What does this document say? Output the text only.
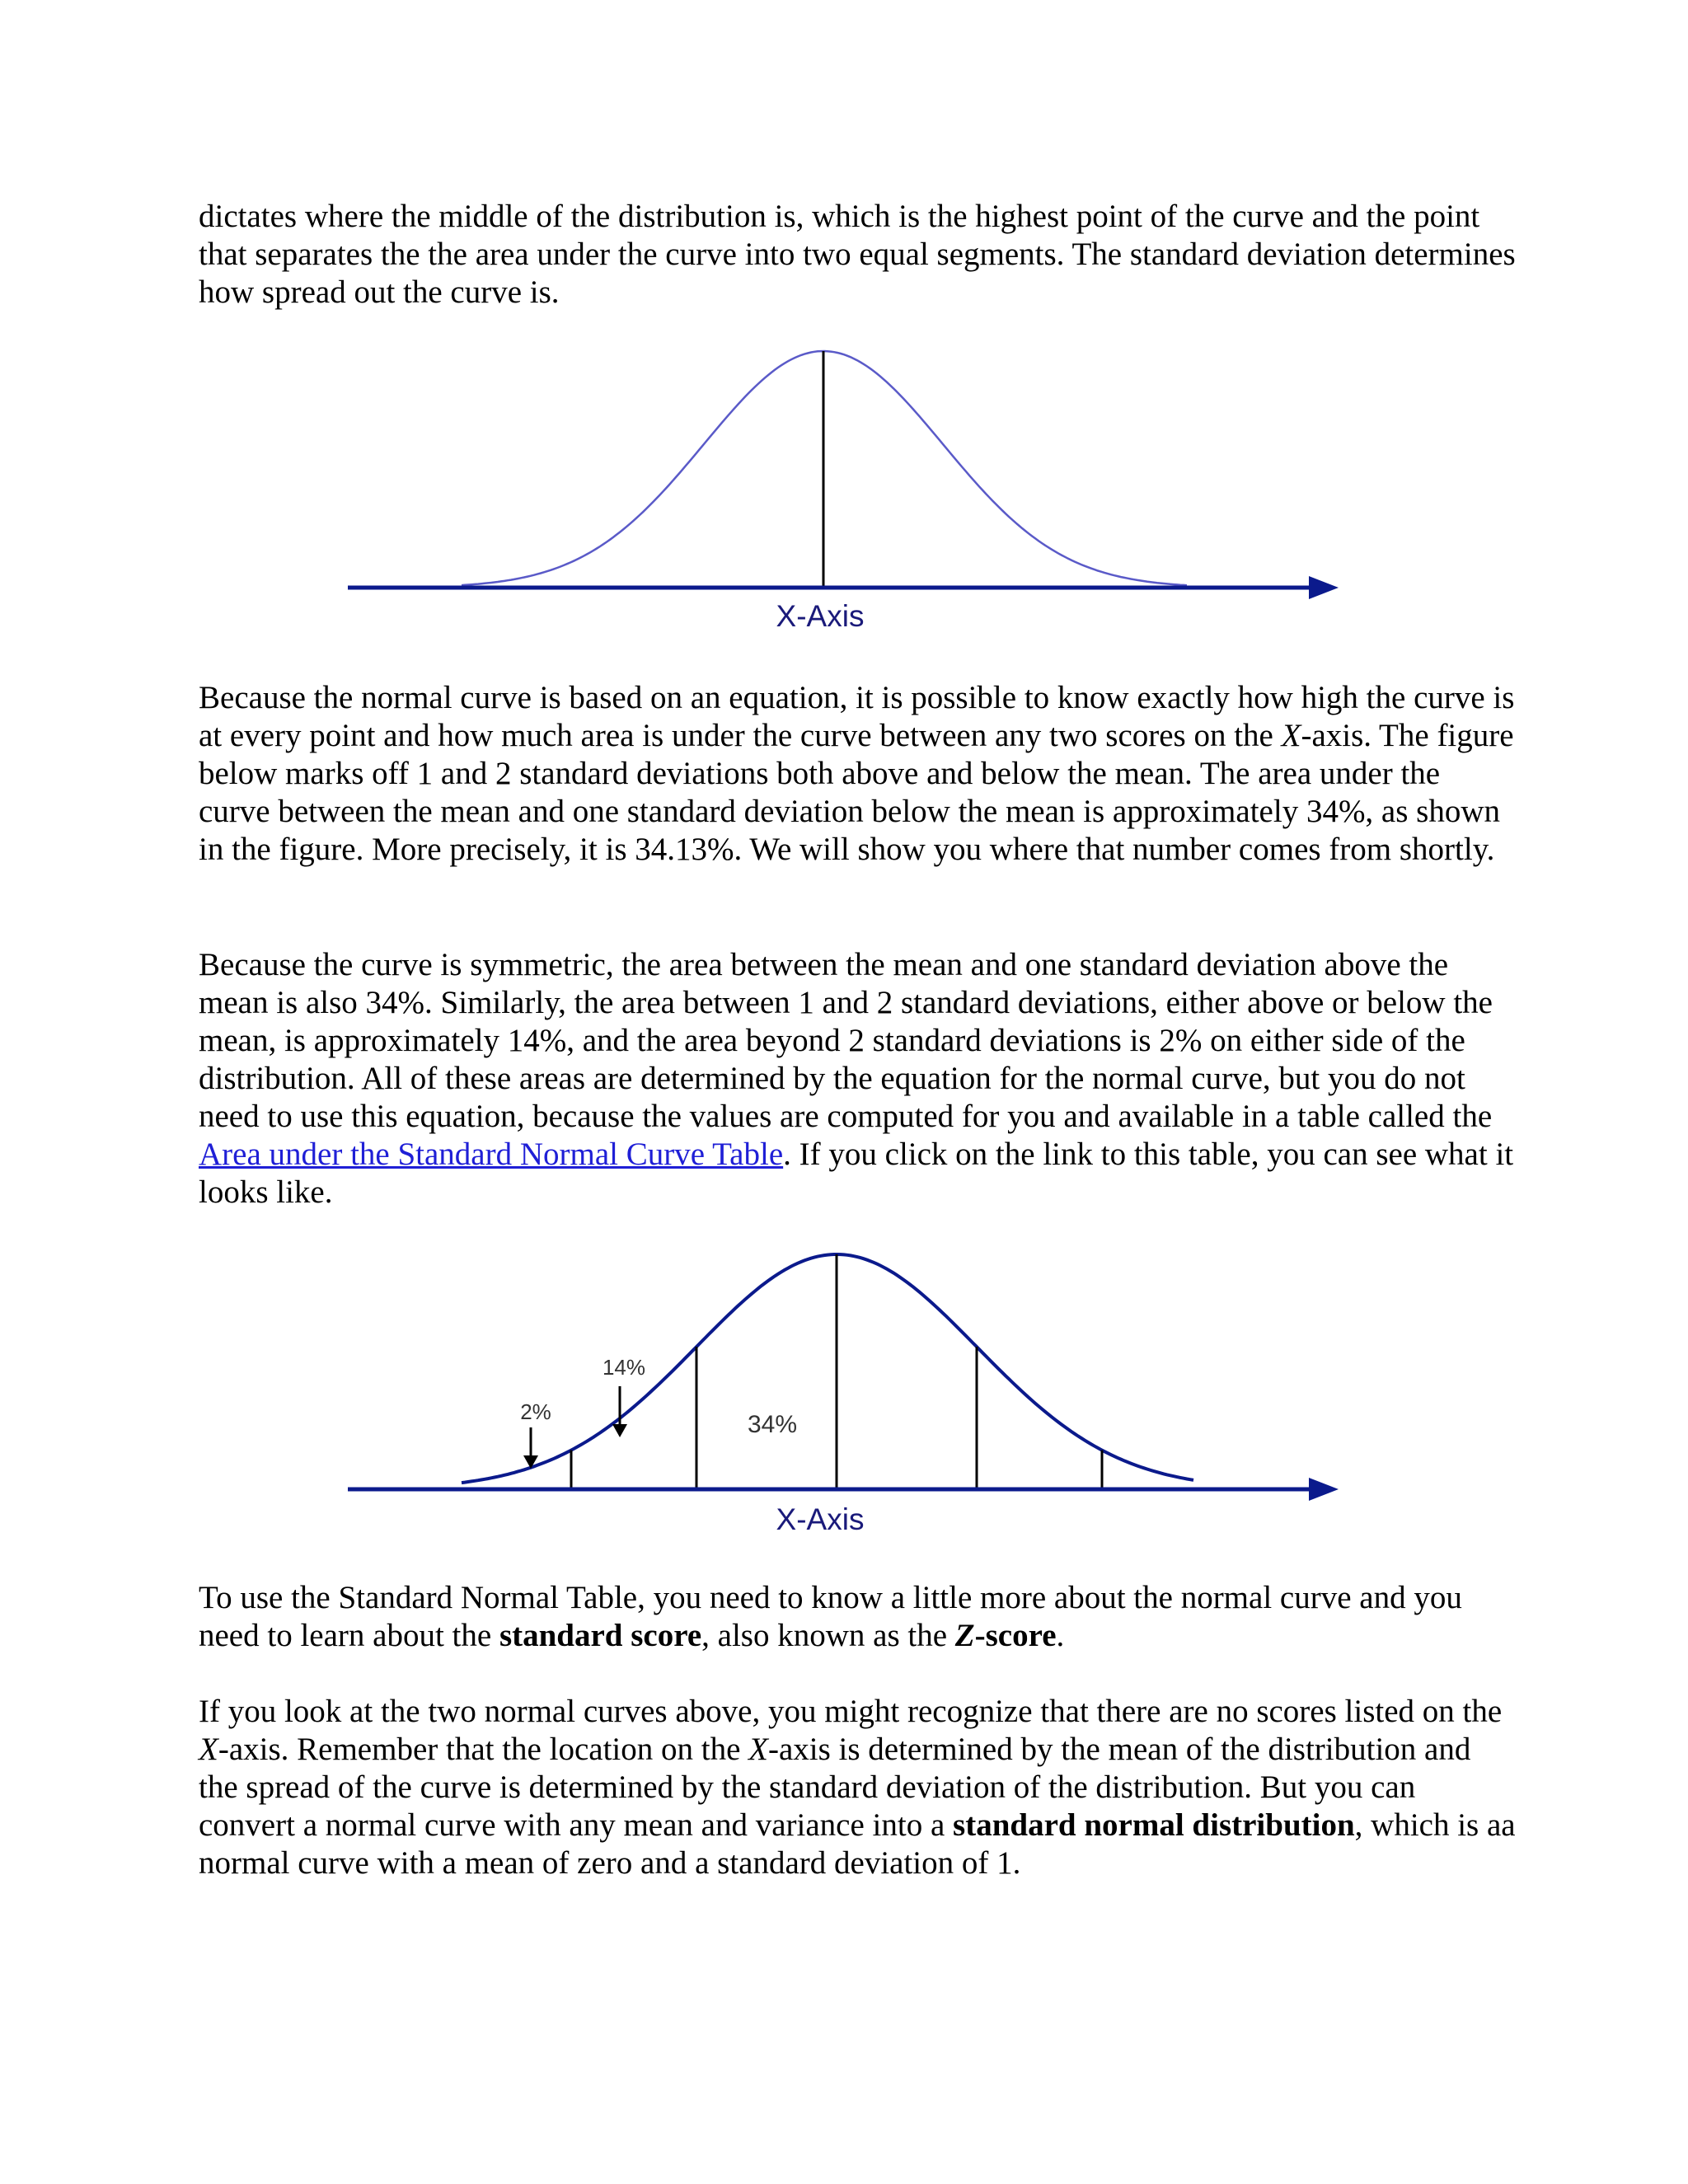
dictates where the middle of the distribution is, which is the highest point of the curve and the point that separates the the area under the curve into two equal segments. The standard deviation determines how spread out the curve is.

X-Axis

Because the normal curve is based on an equation, it is possible to know exactly how high the curve is at every point and how much area is under the curve between any two scores on the X-axis. The figure below marks off 1 and 2 standard deviations both above and below the mean. The area under the curve between the mean and one standard deviation below the mean is approximately 34%, as shown in the figure. More precisely, it is 34.13%. We will show you where that number comes from shortly.

Because the curve is symmetric, the area between the mean and one standard deviation above the mean is also 34%. Similarly, the area between 1 and 2 standard deviations, either above or below the mean, is approximately 14%, and the area beyond 2 standard deviations is 2% on either side of the distribution. All of these areas are determined by the equation for the normal curve, but you do not need to use this equation, because the values are computed for you and available in a table called the Area under the Standard Normal Curve Table. If you click on the link to this table, you can see what it looks like.

2%
14%
34%
X-Axis

To use the Standard Normal Table, you need to know a little more about the normal curve and you need to learn about the standard score, also known as the Z-score.

If you look at the two normal curves above, you might recognize that there are no scores listed on the X-axis. Remember that the location on the X-axis is determined by the mean of the distribution and the spread of the curve is determined by the standard deviation of the distribution. But you can convert a normal curve with any mean and variance into a standard normal distribution, which is aa normal curve with a mean of zero and a standard deviation of 1.
